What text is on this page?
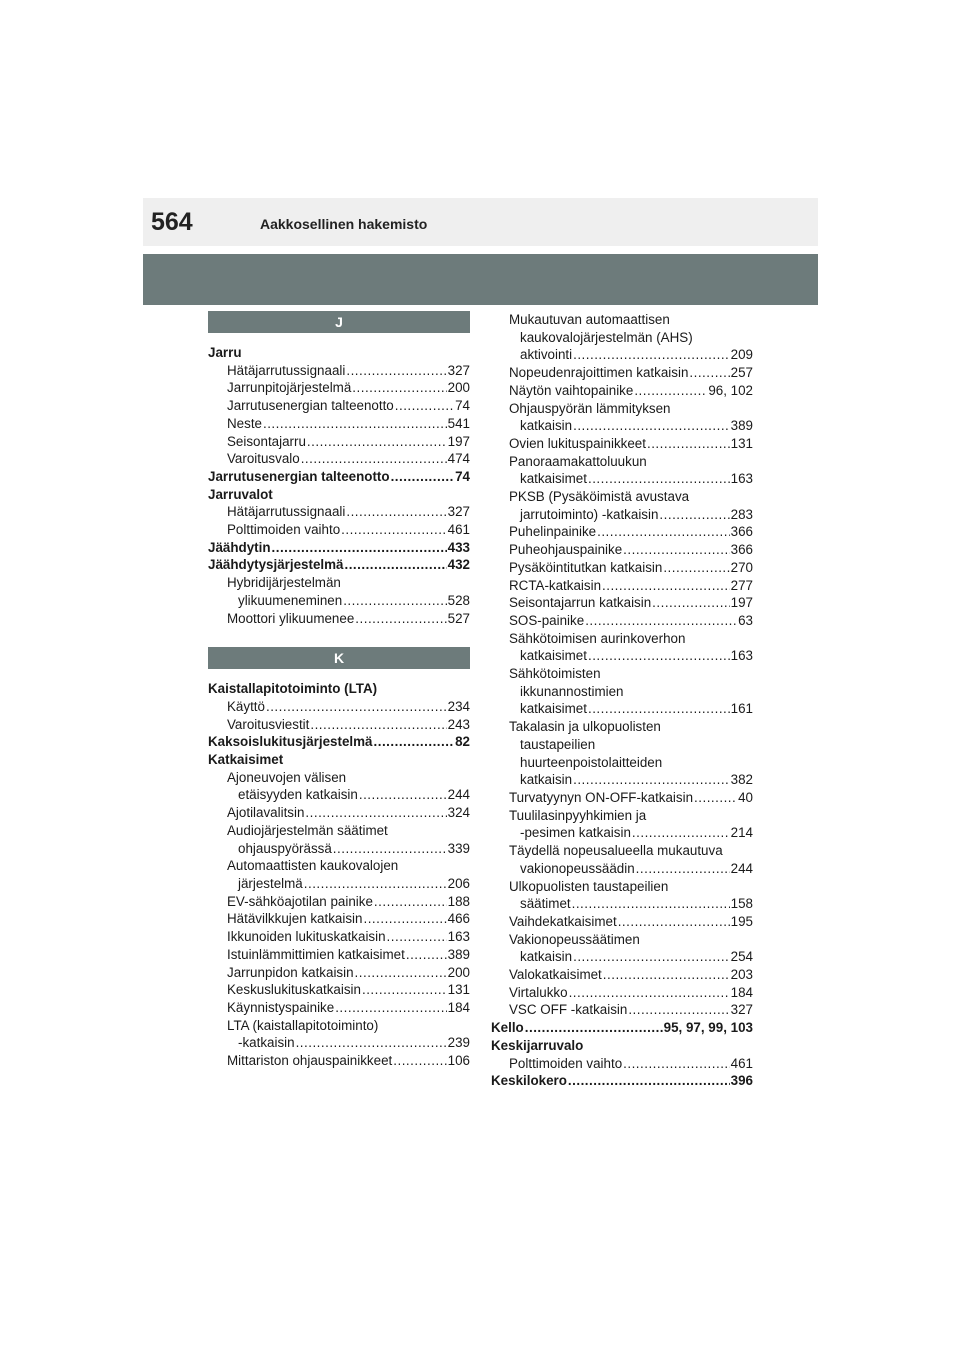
564	Aakkosellinen hakemisto
J
Jarru
Hätäjarrutussignaali .....	327
Jarrunpitojärjestelmä .....	200
Jarrutusenergian talteenotto .....	74
Neste .....	541
Seisontajarru .....	197
Varoitusvalo .....	474
Jarrutusenergian talteenotto .....	74
Jarruvalot
Hätäjarrutussignaali .....	327
Polttimoiden vaihto .....	461
Jäähdytin .....	433
Jäähdytysjärjestelmä .....	432
Hybridijärjestelmän
ylikuumeneminen .....	528
Moottori ylikuumenee .....	527
K
Kaistallapitotoiminto (LTA)
Käyttö .....	234
Varoitusviestit .....	243
Kaksoislukitusjärjestelmä .....	82
Katkaisimet
Ajoneuvojen välisen
etäisyyden katkaisin .....	244
Ajotilavalitsin .....	324
Audiojärjestelmän säätimet
ohjauspyörässä .....	339
Automaattisten kaukovalojen
järjestelmä .....	206
EV-sähköajotilan painike .....	188
Hätävilkkujen katkaisin .....	466
Ikkunoiden lukituskatkaisin .....	163
Istuinlämmittimien katkaisimet .....	389
Jarrunpidon katkaisin .....	200
Keskuslukituskatkaisin .....	131
Käynnistyspainike .....	184
LTA (kaistallapitotoiminto)
-katkaisin .....	239
Mittariston ohjauspainikkeet .....	106
Mukautuvan automaattisen
kaukovalojärjestelmän (AHS)
aktivointi .....	209
Nopeudenrajoittimen katkaisin .....	257
Näytön vaihtopainike .....	96, 102
Ohjauspyörän lämmityksen
katkaisin .....	389
Ovien lukituspainikkeet .....	131
Panoraamakattoluukun
katkaisimet .....	163
PKSB (Pysäköimistä avustava
jarrutoiminto) -katkaisin .....	283
Puhelinpainike .....	366
Puheohjauspainike .....	366
Pysäköintitutkan katkaisin .....	270
RCTA-katkaisin .....	277
Seisontajarrun katkaisin .....	197
SOS-painike .....	63
Sähkötoimisen aurinkoverhon
katkaisimet .....	163
Sähkötoimisten
ikkunannostimien
katkaisimet .....	161
Takalasin ja ulkopuolisten
taustapeilien
huurteenpoistolaitteiden
katkaisin .....	382
Turvatyynyn ON-OFF-katkaisin .....	40
Tuulilasinpyyhkimien ja
-pesimen katkaisin .....	214
Täydellä nopeusalueella mukautuva
vakionopeussäädin .....	244
Ulkopuolisten taustapeilien
säätimet .....	158
Vaihdekatkaisimet .....	195
Vakionopeussäätimen
katkaisin .....	254
Valokatkaisimet .....	203
Virtalukko .....	184
VSC OFF -katkaisin .....	327
Kello .....	95, 97, 99, 103
Keskijarruvalo
Polttimoiden vaihto .....	461
Keskilokero .....	396
